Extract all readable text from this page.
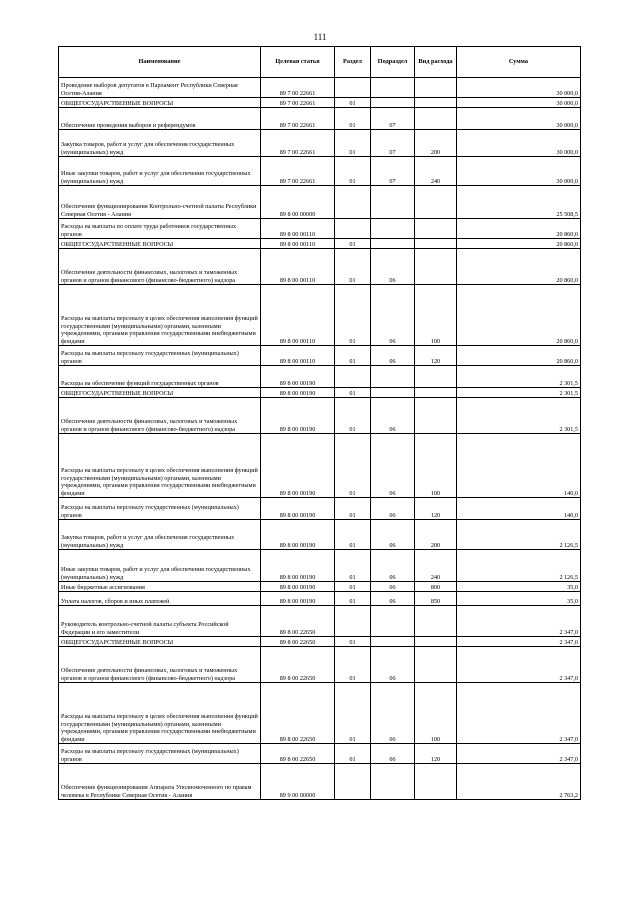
111
Наименование	Целевая статья	Раздел	Подраздел	Вид расхода	Сумма
Проведение выборов депутатов в Парламент Республики Северная Осетия-Алания	89 7 00 22661				30 000,0
ОБЩЕГОСУДАРСТВЕННЫЕ ВОПРОСЫ	89 7 00 22661	01			30 000,0
Обеспечение проведения выборов и референдумов	89 7 00 22661	01	07		30 000,0
Закупка товаров, работ и услуг для обеспечения государственных (муниципальных) нужд	89 7 00 22661	01	07	200	30 000,0
Иные закупки товаров, работ и услуг для обеспечения государственных (муниципальных) нужд	89 7 00 22661	01	07	240	30 000,0
Обеспечение функционирования Контрольно-счетной палаты Республики Северная Осетия - Алания	89 8 00 00000				25 508,5
Расходы на выплаты по оплате труда работников государственных органов	89 8 00 00110				20 860,0
ОБЩЕГОСУДАРСТВЕННЫЕ ВОПРОСЫ	89 8 00 00110	01			20 860,0
Обеспечение деятельности финансовых, налоговых и таможенных органов и органов финансового (финансово-бюджетного) надзора	89 8 00 00110	01	06		20 860,0
Расходы на выплаты персоналу в целях обеспечения выполнения функций государственными (муниципальными) органами, казенными учреждениями, органами управления государственными внебюджетными фондами	89 8 00 00110	01	06	100	20 860,0
Расходы на выплаты персоналу государственных (муниципальных) органов	89 8 00 00110	01	06	120	20 860,0
Расходы на обеспечение функций государственных органов	89 8 00 00190				2 301,5
ОБЩЕГОСУДАРСТВЕННЫЕ ВОПРОСЫ	89 8 00 00190	01			2 301,5
Обеспечение деятельности финансовых, налоговых и таможенных органов и органов финансового (финансово-бюджетного) надзора	89 8 00 00190	01	06		2 301,5
Расходы на выплаты персоналу в целях обеспечения выполнения функций государственными (муниципальными) органами, казенными учреждениями, органами управления государственными внебюджетными фондами	89 8 00 00190	01	06	100	140,0
Расходы на выплаты персоналу государственных (муниципальных) органов	89 8 00 00190	01	06	120	140,0
Закупка товаров, работ и услуг для обеспечения государственных (муниципальных) нужд	89 8 00 00190	01	06	200	2 126,5
Иные закупки товаров, работ и услуг для обеспечения государственных (муниципальных) нужд	89 8 00 00190	01	06	240	2 126,5
Иные бюджетные ассигнования	89 8 00 00190	01	06	800	35,0
Уплата налогов, сборов и иных платежей	89 8 00 00190	01	06	850	35,0
Руководитель контрольно-счетной палаты субъекта Российской Федерации и его заместители	89 8 00 22650				2 347,0
ОБЩЕГОСУДАРСТВЕННЫЕ ВОПРОСЫ	89 8 00 22650	01			2 347,0
Обеспечение деятельности финансовых, налоговых и таможенных органов и органов финансового (финансово-бюджетного) надзора	89 8 00 22650	01	06		2 347,0
Расходы на выплаты персоналу в целях обеспечения выполнения функций государственными (муниципальными) органами, казенными учреждениями, органами управления государственными внебюджетными фондами	89 8 00 22650	01	06	100	2 347,0
Расходы на выплаты персоналу государственных (муниципальных) органов	89 8 00 22650	01	06	120	2 347,0
Обеспечение функционирования Аппарата Уполномоченного по правам человека в Республике Северная Осетия - Алания	89 9 00 00000				2 763,2
